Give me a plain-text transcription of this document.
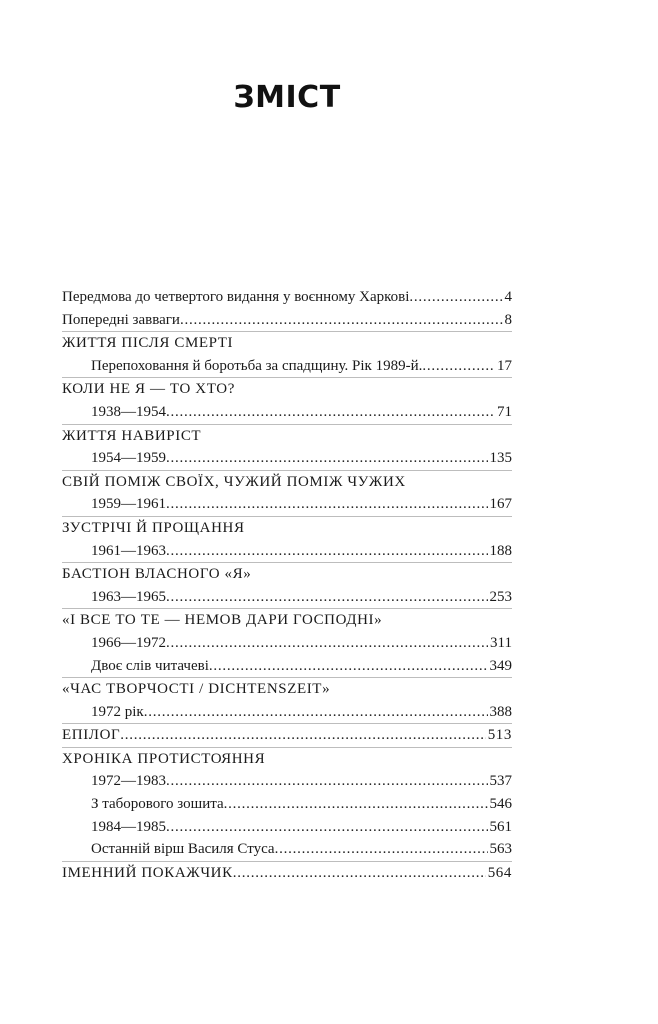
ЗМІСТ
Передмова до четвертого видання у воєнному Харкові . . .	4
Попередні завваги . . .	8
ЖИТТЯ ПІСЛЯ СМЕРТІ
Перепоховання й боротьба за спадщину. Рік 1989-й. . . .	17
КОЛИ НЕ Я — ТО ХТО?
1938—1954 . . .	71
ЖИТТЯ НАВИРІСТ
1954—1959 . . .	135
СВІЙ ПОМІЖ СВОЇХ, ЧУЖИЙ ПОМІЖ ЧУЖИХ
1959—1961 . . .	167
ЗУСТРІЧІ Й ПРОЩАННЯ
1961—1963 . . .	188
БАСТІОН ВЛАСНОГО «Я»
1963—1965 . . .	253
«І ВСЕ ТО ТЕ — НЕМОВ ДАРИ ГОСПОДНІ»
1966—1972 . . .	311
Двоє слів читачеві . . .	349
«ЧАС ТВОРЧОСТІ / DICHTENSZEIT»
1972 рік . . .	388
ЕПІЛОГ . . .	513
ХРОНІКА ПРОТИСТОЯННЯ
1972—1983 . . .	537
З таборового зошита . . .	546
1984—1985 . . .	561
Останній вірш Василя Стуса . . .	563
ІМЕННИЙ ПОКАЖЧИК . . .	564
